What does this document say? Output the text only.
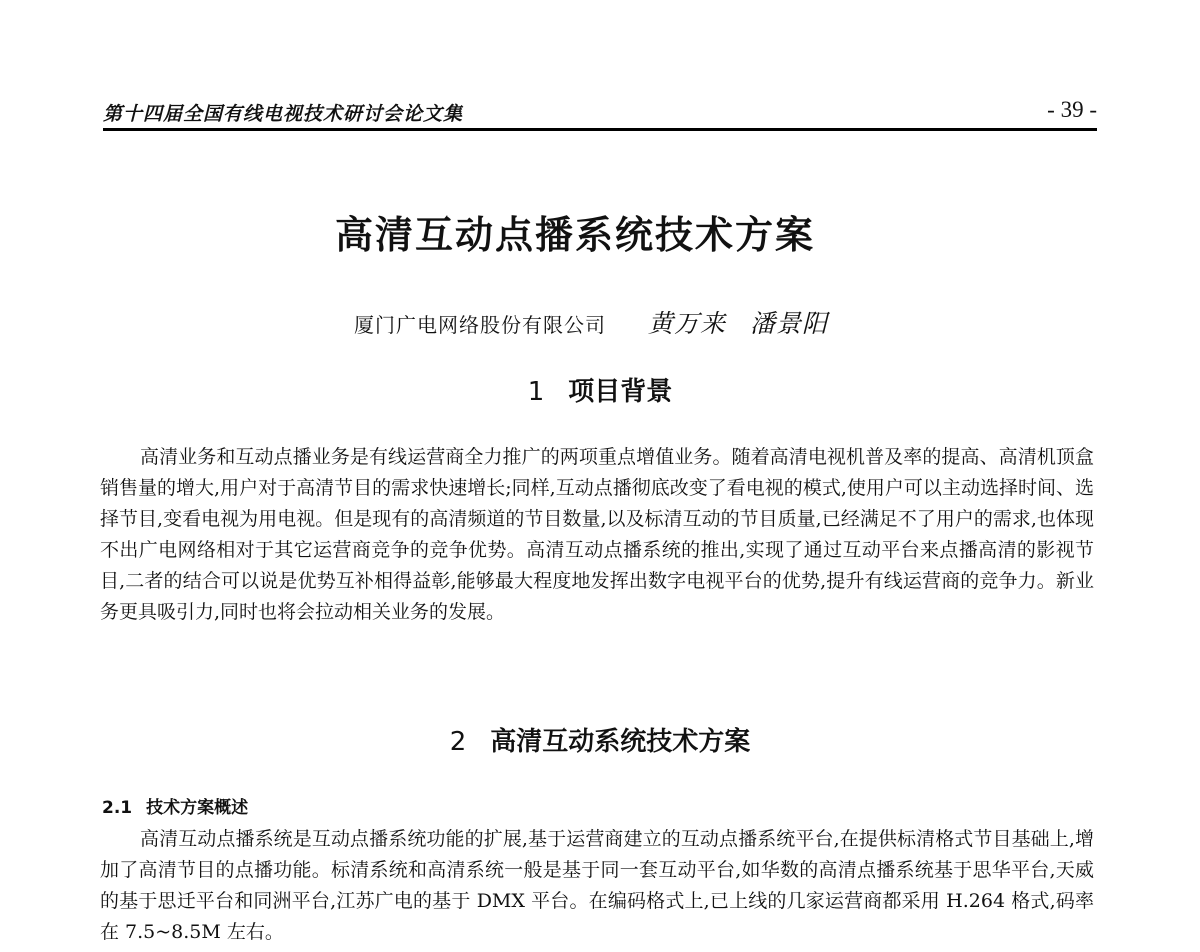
第十四届全国有线电视技术研讨会论文集	- 39 -
高清互动点播系统技术方案
厦门广电网络股份有限公司 黄万来 潘景阳
1 项目背景

高清业务和互动点播业务是有线运营商全力推广的两项重点增值业务。随着高清电视机普及率的提高、高清机顶盒销售量的增大,用户对于高清节目的需求快速增长;同样,互动点播彻底改变了看电视的模式,使用户可以主动选择时间、选择节目,变看电视为用电视。但是现有的高清频道的节目数量,以及标清互动的节目质量,已经满足不了用户的需求,也体现不出广电网络相对于其它运营商竞争的竞争优势。高清互动点播系统的推出,实现了通过互动平台来点播高清的影视节目,二者的结合可以说是优势互补相得益彰,能够最大程度地发挥出数字电视平台的优势,提升有线运营商的竞争力。新业务更具吸引力,同时也将会拉动相关业务的发展。

2 高清互动系统技术方案
2.1 技术方案概述

高清互动点播系统是互动点播系统功能的扩展,基于运营商建立的互动点播系统平台,在提供标清格式节目基础上,增加了高清节目的点播功能。标清系统和高清系统一般是基于同一套互动平台,如华数的高清点播系统基于思华平台,天威的基于思迁平台和同洲平台,江苏广电的基于 DMX 平台。在编码格式上,已上线的几家运营商都采用 H.264 格式,码率在 7.5~8.5M 左右。
